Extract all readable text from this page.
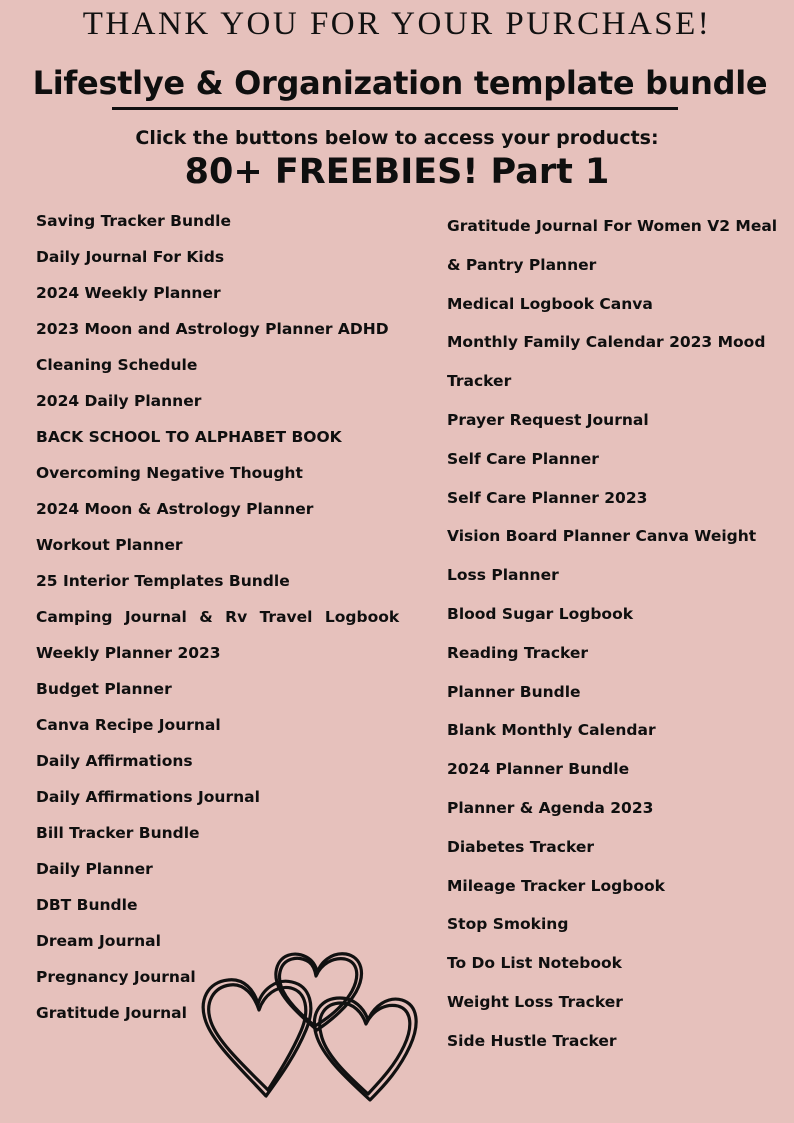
THANK YOU FOR YOUR PURCHASE!
Lifestlye & Organization template bundle
Click the buttons below to access your products:
80+ FREEBIES! Part 1
Saving Tracker Bundle
Daily Journal For Kids
2024 Weekly Planner
2023 Moon and Astrology Planner ADHD
Cleaning Schedule
2024 Daily Planner
BACK SCHOOL TO ALPHABET BOOK
Overcoming Negative Thought
2024 Moon & Astrology Planner
Workout Planner
25 Interior Templates Bundle
Camping Journal & Rv Travel Logbook
Weekly Planner 2023
Budget Planner
Canva Recipe Journal
Daily Affirmations
Daily Affirmations Journal
Bill Tracker Bundle
Daily Planner
DBT Bundle
Dream Journal
Pregnancy Journal
Gratitude Journal
Gratitude Journal For Women V2 Meal
& Pantry Planner
Medical Logbook Canva
Monthly Family Calendar 2023 Mood
Tracker
Prayer Request Journal
Self Care Planner
Self Care Planner 2023
Vision Board Planner Canva Weight
Loss Planner
Blood Sugar Logbook
Reading Tracker
Planner Bundle
Blank Monthly Calendar
2024 Planner Bundle
Planner & Agenda 2023
Diabetes Tracker
Mileage Tracker Logbook
Stop Smoking
To Do List Notebook
Weight Loss Tracker
Side Hustle Tracker
